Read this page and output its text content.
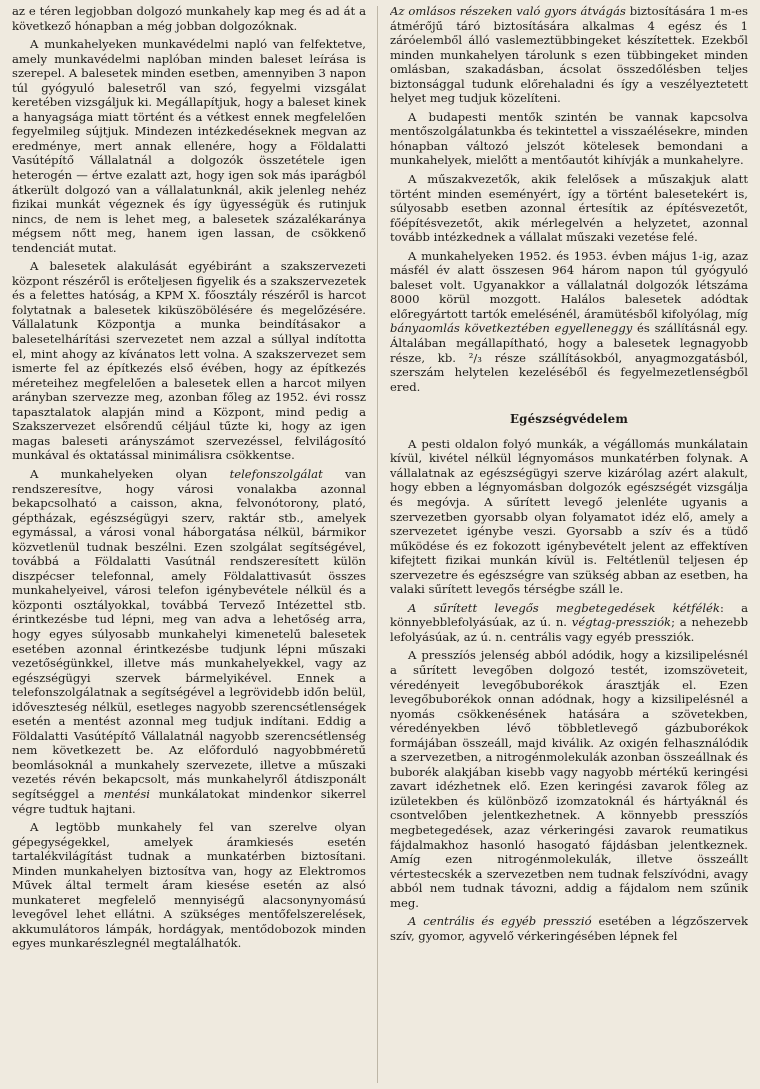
az e téren legjobban dolgozó munkahely kap meg és ad át a következő hónapban a még jobban dolgozóknak.

A munkahelyeken munkavédelmi napló van felfektetve, amely munkavédelmi naplóban minden baleset leírása is szerepel. A balesetek minden esetben, amennyiben 3 napon túl gyógyuló balesetről van szó, fegyelmi vizsgálat keretében vizsgáljuk ki. Megállapítjuk, hogy a baleset kinek a hanyagsága miatt történt és a vétkest ennek megfelelően fegyelmileg sújtjuk. Mindezen intézkedéseknek megvan az eredménye, mert annak ellenére, hogy a Földalatti Vasútépítő Vállalatnál a dolgozók összetétele igen heterogén — értve ezalatt azt, hogy igen sok más iparágból átkerült dolgozó van a vállalatunknál, akik jelenleg nehéz fizikai munkát végeznek és így ügyességük és rutinjuk nincs, de nem is lehet meg, a balesetek százalékaránya mégsem nőtt meg, hanem igen lassan, de csökkenő tendenciát mutat.

A balesetek alakulását egyébiránt a szakszervezeti központ részéről is erőteljesen figyelik és a szakszervezetek és a felettes hatóság, a KPM X. főosztály részéről is harcot folytatnak a balesetek kiküszöbölésére és megelőzésére. Vállalatunk Központja a munka beindításakor a balesetelhárítási szervezetet nem azzal a súllyal indította el, mint ahogy az kívánatos lett volna. A szakszervezet sem ismerte fel az építkezés első évében, hogy az építkezés méreteihez megfelelően a balesetek ellen a harcot milyen arányban szervezze meg, azonban főleg az 1952. évi rossz tapasztalatok alapján mind a Központ, mind pedig a Szakszervezet elsőrendű céljául tűzte ki, hogy az igen magas baleseti arányszámot szervezéssel, felvilágosító munkával és oktatással minimálisra csökkentse.

A munkahelyeken olyan telefonszolgálat van rendszeresítve, hogy városi vonalakba azonnal bekapcsolható a caisson, akna, felvonótorony, plató, géptházak, egészségügyi szerv, raktár stb., amelyek egymással, a városi vonal háborgatása nélkül, bármikor közvetlenül tudnak beszélni. Ezen szolgálat segítségével, továbbá a Földalatti Vasútnál rendszeresített külön diszpécser telefonnal, amely Földalattivasút összes munkahelyeivel, városi telefon igénybevétele nélkül és a központi osztályokkal, továbbá Tervező Intézettel stb. érintkezésbe tud lépni, meg van adva a lehetőség arra, hogy egyes súlyosabb munkahelyi kimenetelű balesetek esetében azonnal érintkezésbe tudjunk lépni műszaki vezetőségünkkel, illetve más munkahelyekkel, vagy az egészségügyi szervek bármelyikével. Ennek a telefonszolgálatnak a segítségével a legrövidebb időn belül, időveszteség nélkül, esetleges nagyobb szerencsétlenségek esetén a mentést azonnal meg tudjuk indítani. Eddig a Földalatti Vasútépítő Vállalatnál nagyobb szerencsétlenség nem következett be. Az előforduló nagyobbméretű beomlásoknál a munkahely szervezete, illetve a műszaki vezetés révén bekapcsolt, más munkahelyről átdiszponált segítséggel a mentési munkálatokat mindenkor sikerrel végre tudtuk hajtani.

A legtöbb munkahely fel van szerelve olyan gépegységekkel, amelyek áramkiesés esetén tartalékvilágítást tudnak a munkatérben biztosítani. Minden munkahelyen biztosítva van, hogy az Elektromos Művek által termelt áram kiesése esetén az alsó munkateret megfelelő mennyiségű alacsonynyomású levegővel lehet ellátni. A szükséges mentőfelszerelések, akkumulátoros lámpák, hordágyak, mentődobozok minden egyes munkarészlegnél megtalálhatók.

Az omlásos részeken való gyors átvágás biztosítására 1 m-es átmérőjű táró biztosítására alkalmas 4 egész és 1 záróelemből álló vaslemeztübbingeket készítettek. Ezekből minden munkahelyen tárolunk s ezen tübbingeket minden omlásban, szakadásban, ácsolat összedőlésben teljes biztonsággal tudunk előrehaladni és így a veszélyeztetett helyet meg tudjuk közelíteni.

A budapesti mentők szintén be vannak kapcsolva mentőszolgálatunkba és tekintettel a visszaélésekre, minden hónapban változó jelszót kötelesek bemondani a munkahelyek, mielőtt a mentőautót kihívják a munkahelyre.

A műszakvezetők, akik felelősek a műszakjuk alatt történt minden eseményért, így a történt balesetekért is, súlyosabb esetben azonnal értesítik az építésvezetőt, főépítésvezetőt, akik mérlegelvén a helyzetet, azonnal tovább intézkednek a vállalat műszaki vezetése felé.

A munkahelyeken 1952. és 1953. évben május 1-ig, azaz másfél év alatt összesen 964 három napon túl gyógyuló baleset volt. Ugyanakkor a vállalatnál dolgozók létszáma 8000 körül mozgott. Halálos balesetek adódtak előregyártott tartók emelésénél, áramütésből kifolyólag, míg bányaomlás következtében egyelleneggy és szállításnál egy. Általában megállapítható, hogy a balesetek legnagyobb része, kb. ²/₃ része szállításokból, anyagmozgatásból, szerszám helytelen kezeléséből és fegyelmezetlenségből ered.

Egészségvédelem

A pesti oldalon folyó munkák, a végállomás munkálatain kívül, kivétel nélkül légnyomásos munkatérben folynak. A vállalatnak az egészségügyi szerve kizárólag azért alakult, hogy ebben a légnyomásban dolgozók egészségét vizsgálja és megóvja. A sűrített levegő jelenléte ugyanis a szervezetben gyorsabb olyan folyamatot idéz elő, amely a szervezetet igénybe veszi. Gyorsabb a szív és a tüdő működése és ez fokozott igénybevételt jelent az effektíven kifejtett fizikai munkán kívül is. Feltétlenül teljesen ép szervezetre és egészségre van szükség abban az esetben, ha valaki sűrített levegős térségbe száll le.

A sűrített levegős megbetegedések kétfélék: a könnyebblefolyásúak, az ú. n. végtag-pressziók; a nehezebb lefolyásúak, az ú. n. centrális vagy egyéb pressziók.

A presszíós jelenség abból adódik, hogy a kizsilipelésnél a sűrített levegőben dolgozó testét, izomszöveteit, véredényeit levegőbuborékok árasztják el. Ezen levegőbuborékok onnan adódnak, hogy a kizsilipelésnél a nyomás csökkenésének hatására a szövetekben, véredényekben lévő többletlevegő gázbuborékok formájában összeáll, majd kiválik. Az oxigén felhasználódik a szervezetben, a nitrogénmolekulák azonban összeállnak és buborék alakjában kisebb vagy nagyobb mértékű keringési zavart idézhetnek elő. Ezen keringési zavarok főleg az izületekben és különböző izomzatoknál és hártyáknál és csontvelőben jelentkezhetnek. A könnyebb presszíós megbetegedések, azaz vérkeringési zavarok reumatikus fájdalmakhoz hasonló hasogató fájdásban jelentkeznek. Amíg ezen nitrogénmolekulák, illetve összeállt vértestecskék a szervezetben nem tudnak felszívódni, avagy abból nem tudnak távozni, addig a fájdalom nem szűnik meg.

A centrális és egyéb presszió esetében a légzőszervek szív, gyomor, agyvelő vérkeringésében lépnek fel
